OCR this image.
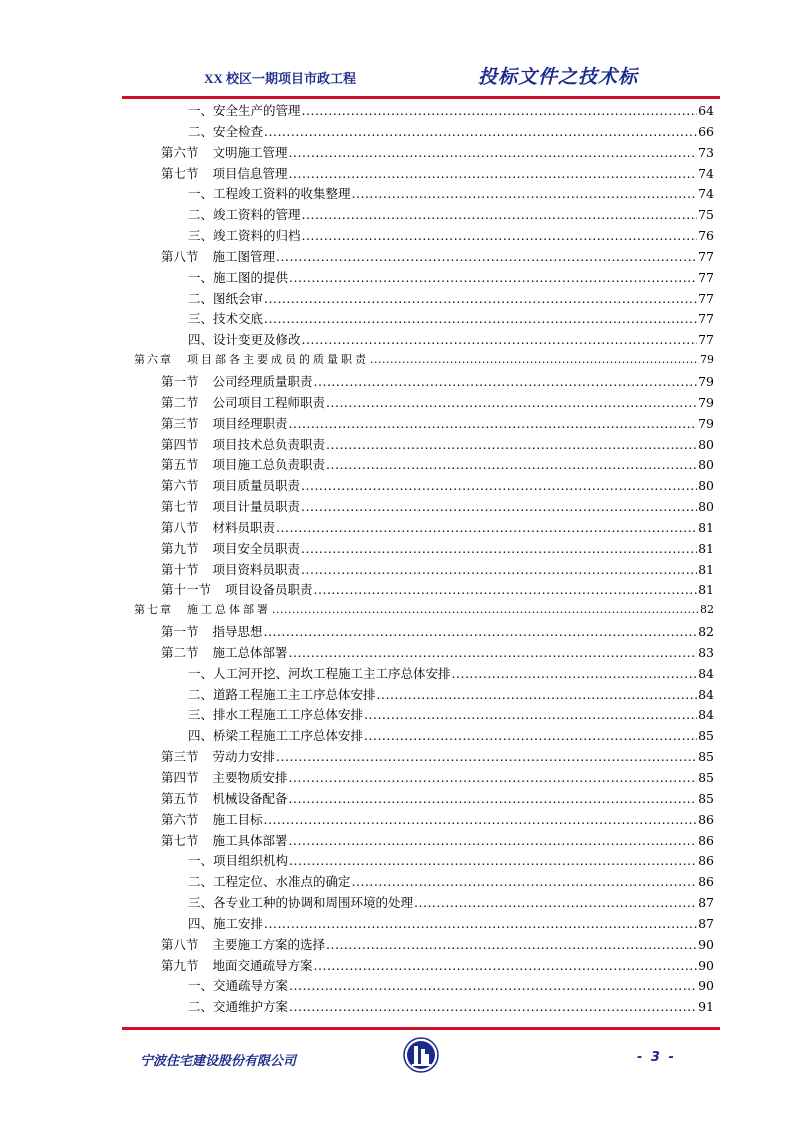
XX 校区一期项目市政工程	投标文件之技术标
一、 安全生产的管理 .....	64
二、 安全检查 .....	66
第六节 文明施工管理 .....	73
第七节 项目信息管理 .....	74
一、 工程竣工资料的收集整理 .....	74
二、 竣工资料的管理 .....	75
三、 竣工资料的归档 .....	76
第八节 施工图管理 .....	77
一、 施工图的提供 .....	77
二、 图纸会审 .....	77
三、 技术交底 .....	77
四、 设计变更及修改 .....	77
第六章 项目部各主要成员的质量职责 .....	79
第一节 公司经理质量职责 .....	79
第二节 公司项目工程师职责 .....	79
第三节 项目经理职责 .....	79
第四节 项目技术总负责职责 .....	80
第五节 项目施工总负责职责 .....	80
第六节 项目质量员职责 .....	80
第七节 项目计量员职责 .....	80
第八节 材料员职责 .....	81
第九节 项目安全员职责 .....	81
第十节 项目资料员职责 .....	81
第十一节 项目设备员职责 .....	81
第七章 施工总体部署 .....	82
第一节 指导思想 .....	82
第二节 施工总体部署 .....	83
一、 人工河开挖、河坎工程施工主工序总体安排 .....	84
二、 道路工程施工主工序总体安排 .....	84
三、 排水工程施工工序总体安排 .....	84
四、 桥梁工程施工工序总体安排 .....	85
第三节 劳动力安排 .....	85
第四节 主要物质安排 .....	85
第五节 机械设备配备 .....	85
第六节 施工目标 .....	86
第七节 施工具体部署 .....	86
一、 项目组织机构 .....	86
二、 工程定位、水准点的确定 .....	86
三、 各专业工种的协调和周围环境的处理 .....	87
四、 施工安排 .....	87
第八节 主要施工方案的选择 .....	90
第九节 地面交通疏导方案 .....	90
一、 交通疏导方案 .....	90
二、 交通维护方案 .....	91
宁波住宅建设股份有限公司	- 3 -
